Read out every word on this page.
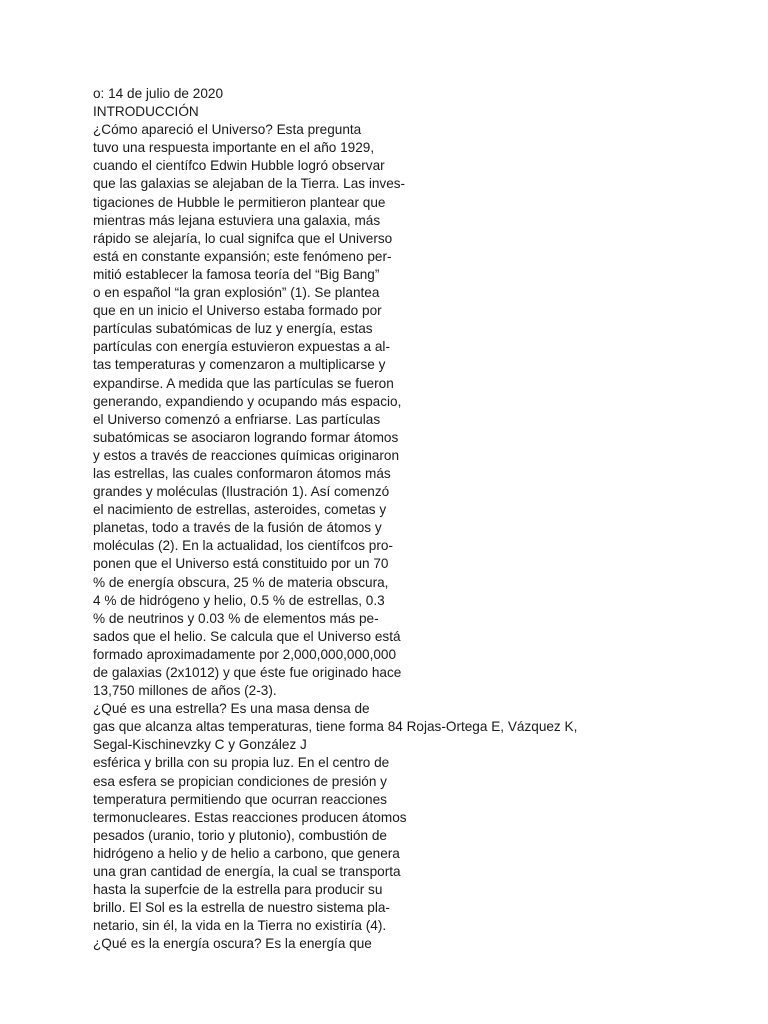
o: 14 de julio de 2020
INTRODUCCIÓN
¿Cómo apareció el Universo? Esta pregunta
tuvo una respuesta importante en el año 1929,
cuando el científco Edwin Hubble logró observar
que las galaxias se alejaban de la Tierra. Las inves-
tigaciones de Hubble le permitieron plantear que
mientras más lejana estuviera una galaxia, más
rápido se alejaría, lo cual signifca que el Universo
está en constante expansión; este fenómeno per-
mitió establecer la famosa teoría del “Big Bang”
o en español “la gran explosión” (1). Se plantea
que en un inicio el Universo estaba formado por
partículas subatómicas de luz y energía, estas
partículas con energía estuvieron expuestas a al-
tas temperaturas y comenzaron a multiplicarse y
expandirse. A medida que las partículas se fueron
generando, expandiendo y ocupando más espacio,
el Universo comenzó a enfriarse. Las partículas
subatómicas se asociaron logrando formar átomos
y estos a través de reacciones químicas originaron
las estrellas, las cuales conformaron átomos más
grandes y moléculas (Ilustración 1). Así comenzó
el nacimiento de estrellas, asteroides, cometas y
planetas, todo a través de la fusión de átomos y
moléculas (2). En la actualidad, los científcos pro-
ponen que el Universo está constituido por un 70
% de energía obscura, 25 % de materia obscura,
4 % de hidrógeno y helio, 0.5 % de estrellas, 0.3
% de neutrinos y 0.03 % de elementos más pe-
sados que el helio. Se calcula que el Universo está
formado aproximadamente por 2,000,000,000,000
de galaxias (2x1012) y que éste fue originado hace
13,750 millones de años (2-3).
¿Qué es una estrella? Es una masa densa de
gas que alcanza altas temperaturas, tiene forma 84 Rojas-Ortega E, Vázquez K,
Segal-Kischinevzky C y González J
esférica y brilla con su propia luz. En el centro de
esa esfera se propician condiciones de presión y
temperatura permitiendo que ocurran reacciones
termonucleares. Estas reacciones producen átomos
pesados (uranio, torio y plutonio), combustión de
hidrógeno a helio y de helio a carbono, que genera
una gran cantidad de energía, la cual se transporta
hasta la superfcie de la estrella para producir su
brillo. El Sol es la estrella de nuestro sistema pla-
netario, sin él, la vida en la Tierra no existiría (4).
¿Qué es la energía oscura? Es la energía que
